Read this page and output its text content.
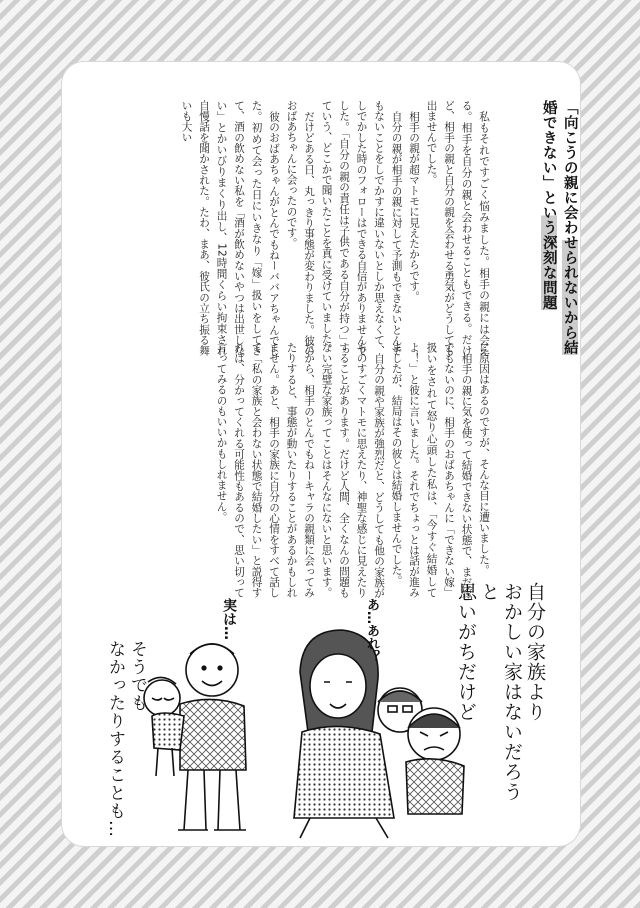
「向こうの親に会わせられないから結
婚できない」という深刻な問題

私もそれですごく悩みました。相手の親には会える。相手を自分の親と会わせることもできる。だけど、相手の親と自分の親を会わせる勇気がどうしても出ませんでした。

相手の親が超マトモに見えたからです。

自分の親が相手の親に対して予測もできないとんでもないことをしでかすに違いないとしか思えなくて、しでかした時のフォローはできる自信がありませんでした。「自分の親の責任は子供である自分が持つ」っていう、どこかで聞いたことを真に受けていました。

だけどある日、丸っきり事態が変わりました。彼のおばあちゃんに会ったのです。

彼のおばあちゃんがとんでもねーババアちゃんでした。初めて会った日にいきなり「嫁」扱いをしてきて、酒の飲めない私を「酒が飲めないやつは出世しない」とかいびりまくり出し、12時間くらい拘束され自慢話を聞かされた。たわ、まあ、彼氏の立ち振る舞いも大い

に原因はあるのですが、そんな目に遭いました。

相手の親に気を使って結婚できない状態で、まだ嫁でもないのに、相手のおばあちゃんに「できない嫁」扱いをされて怒り心頭した私は、「今すぐ結婚してよ！」と彼に言いました。それでちょっとは話が進みましたが、結局はその彼とは結婚しませんでした。

自分の親や家族が強烈だと、どうしても他の家族がものすごくマトモに思えたり、神聖な感じに見えたりすることがあります。だけど人間、全くなんの問題もない完璧な家族ってことはそんなにないと思います。だから、相手のとんでもねーキャラの親類に会ってみたりすると、事態が動いたりすることがあるかもしれません。あと、相手の家族に自分の心情をすべて話して「私の家族と会わない状態で結婚したい」と説得すれば、分かってくれる可能性もあるので、思い切って言ってみるのもいいかもしれません。

自分の家族より
おかしい家はないだろうと
思いがちだけど
そうでも
なかったりすることも…
実は…	あ…あれ？
